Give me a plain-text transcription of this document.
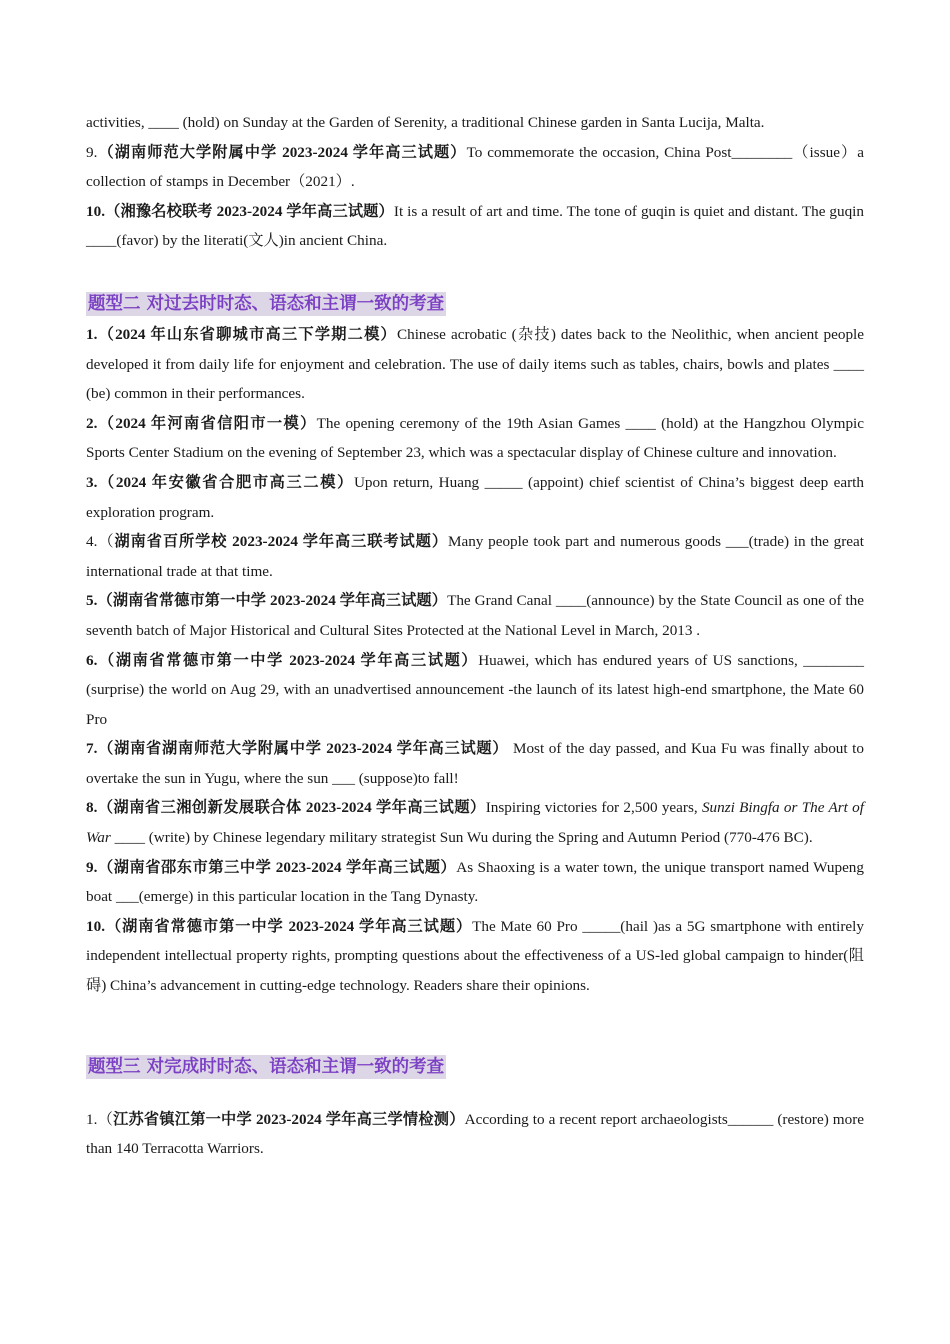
activities, ____ (hold) on Sunday at the Garden of Serenity, a traditional Chinese garden in Santa Lucija, Malta.

9.（湖南师范大学附属中学 2023-2024 学年高三试题）To commemorate the occasion, China Post________（issue）a collection of stamps in December（2021）.

10.（湘豫名校联考 2023-2024 学年高三试题）It is a result of art and time. The tone of guqin is quiet and distant. The guqin ____(favor) by the literati(文人)in ancient China.

题型二 对过去时时态、语态和主谓一致的考查

1.（2024 年山东省聊城市高三下学期二模）Chinese acrobatic (杂技) dates back to the Neolithic, when ancient people developed it from daily life for enjoyment and celebration. The use of daily items such as tables, chairs, bowls and plates ____ (be) common in their performances.

2.（2024 年河南省信阳市一模）The opening ceremony of the 19th Asian Games ____ (hold) at the Hangzhou Olympic Sports Center Stadium on the evening of September 23, which was a spectacular display of Chinese culture and innovation.

3.（2024 年安徽省合肥市高三二模）Upon return, Huang _____ (appoint) chief scientist of China’s biggest deep earth exploration program.

4.（湖南省百所学校 2023-2024 学年高三联考试题）Many people took part and numerous goods ___(trade) in the great international trade at that time.

5.（湖南省常德市第一中学 2023-2024 学年高三试题）The Grand Canal ____(announce) by the State Council as one of the seventh batch of Major Historical and Cultural Sites Protected at the National Level in March, 2013 .

6.（湖南省常德市第一中学 2023-2024 学年高三试题）Huawei, which has endured years of US sanctions, ________ (surprise) the world on Aug 29, with an unadvertised announcement -the launch of its latest high-end smartphone, the Mate 60 Pro

7.（湖南省湖南师范大学附属中学 2023-2024 学年高三试题） Most of the day passed, and Kua Fu was finally about to overtake the sun in Yugu, where the sun ___ (suppose)to fall!

8.（湖南省三湘创新发展联合体 2023-2024 学年高三试题）Inspiring victories for 2,500 years, Sunzi Bingfa or The Art of War ____ (write) by Chinese legendary military strategist Sun Wu during the Spring and Autumn Period (770-476 BC).

9.（湖南省邵东市第三中学 2023-2024 学年高三试题）As Shaoxing is a water town, the unique transport named Wupeng boat ___(emerge) in this particular location in the Tang Dynasty.

10.（湖南省常德市第一中学 2023-2024 学年高三试题）The Mate 60 Pro _____(hail )as a 5G smartphone with entirely independent intellectual property rights, prompting questions about the effectiveness of a US-led global campaign to hinder(阻碍) China’s advancement in cutting-edge technology. Readers share their opinions.

题型三 对完成时时态、语态和主谓一致的考查

1.（江苏省镇江第一中学 2023-2024 学年高三学情检测）According to a recent report archaeologists______ (restore) more than 140 Terracotta Warriors.
